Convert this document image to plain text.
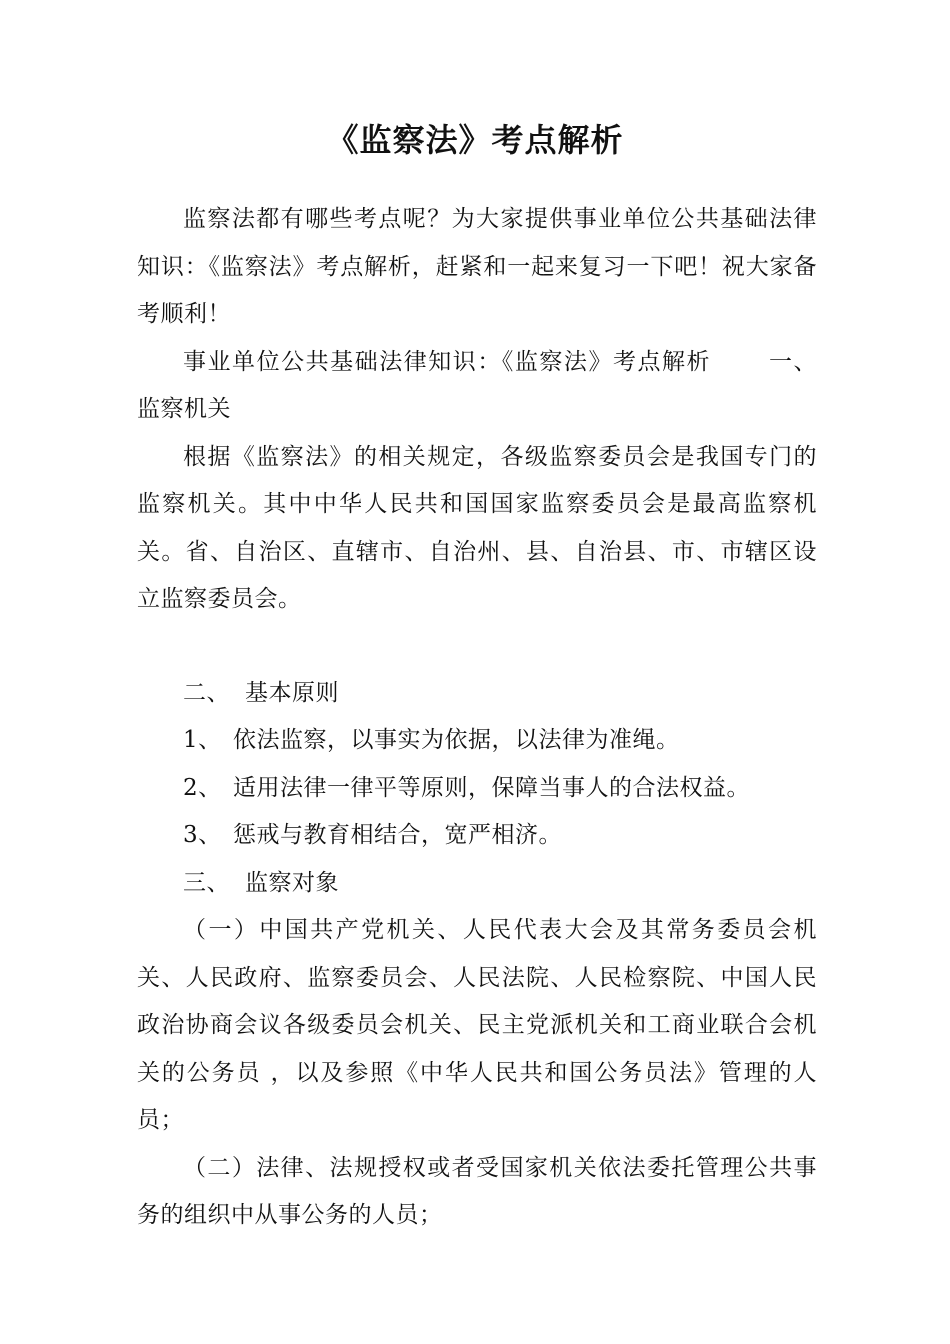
《监察法》考点解析

监察法都有哪些考点呢？为大家提供事业单位公共基础法律知识：《监察法》考点解析，赶紧和一起来复习一下吧！祝大家备考顺利！

事业单位公共基础法律知识：《监察法》考点解析　　 一、 监察机关

根据《监察法》的相关规定，各级监察委员会是我国专门的监察机关。其中中华人民共和国国家监察委员会是最高监察机关。省、自治区、直辖市、自治州、县、自治县、市、市辖区设立监察委员会。

二、 基本原则

1、 依法监察，以事实为依据，以法律为准绳。

2、 适用法律一律平等原则，保障当事人的合法权益。

3、 惩戒与教育相结合，宽严相济。

三、 监察对象

（一）中国共产党机关、人民代表大会及其常务委员会机关、人民政府、监察委员会、人民法院、人民检察院、中国人民政治协商会议各级委员会机关、民主党派机关和工商业联合会机关的公务员 ，以及参照《中华人民共和国公务员法》管理的人员；

（二）法律、法规授权或者受国家机关依法委托管理公共事务的组织中从事公务的人员；
